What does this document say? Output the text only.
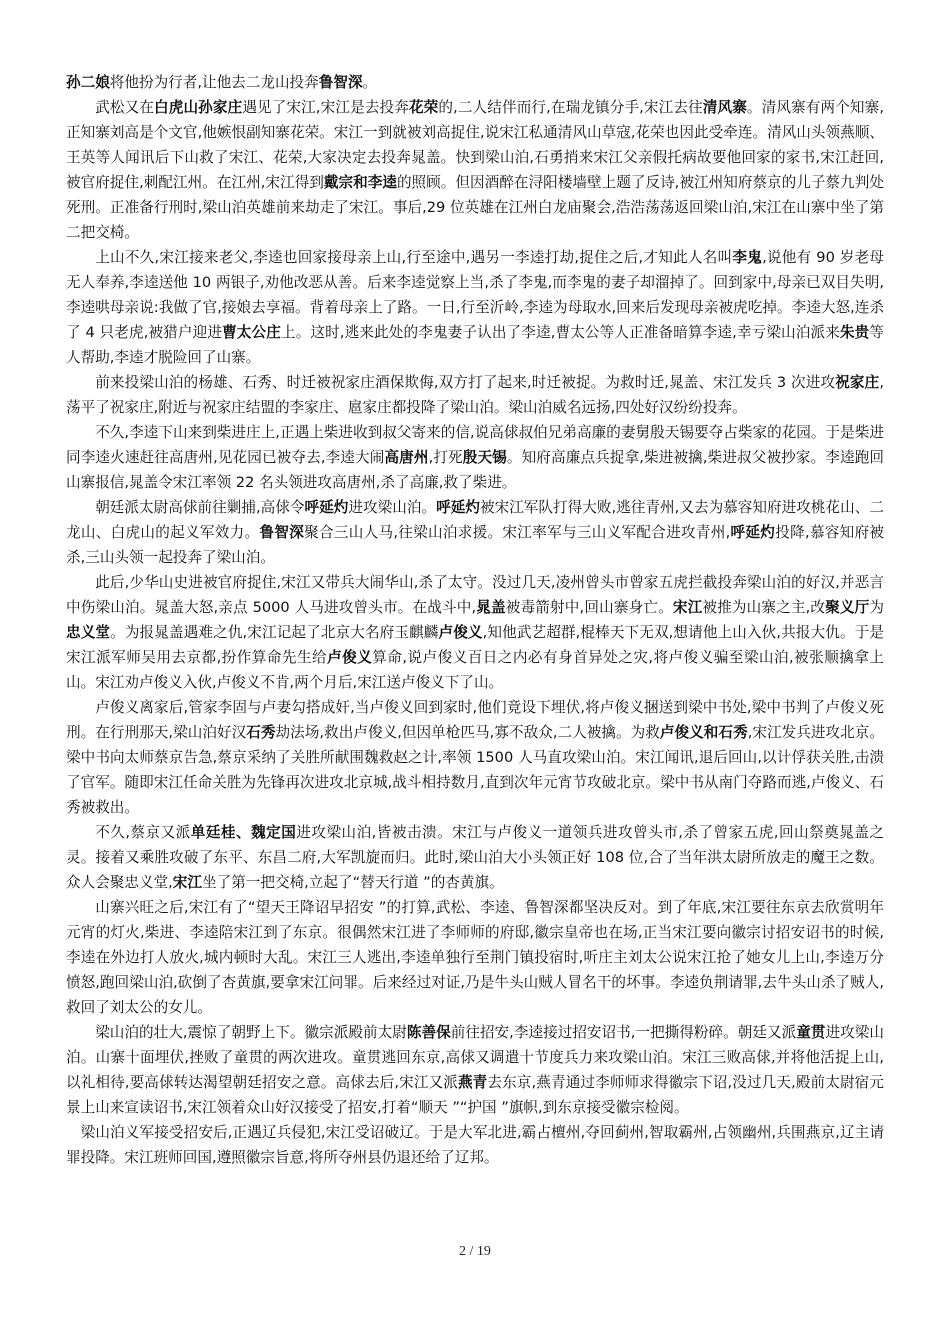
孙二娘将他扮为行者,让他去二龙山投奔鲁智深。

武松又在白虎山孙家庄遇见了宋江,宋江是去投奔花荣的,二人结伴而行,在瑞龙镇分手,宋江去往清风寨。清风寨有两个知寨,正知寨刘高是个文官,他嫉恨副知寨花荣。宋江一到就被刘高捉住,说宋江私通清风山草寇,花荣也因此受牵连。清风山头领燕顺、王英等人闻讯后下山救了宋江、花荣,大家决定去投奔晁盖。快到梁山泊,石勇捎来宋江父亲假托病故要他回家的家书,宋江赶回,被官府捉住,刺配江州。在江州,宋江得到戴宗和李逵的照顾。但因酒醉在浔阳楼墙壁上题了反诗,被江州知府蔡京的儿子蔡九判处死刑。正准备行刑时,梁山泊英雄前来劫走了宋江。事后,29 位英雄在江州白龙庙聚会,浩浩荡荡返回梁山泊,宋江在山寨中坐了第二把交椅。

上山不久,宋江接来老父,李逵也回家接母亲上山,行至途中,遇另一李逵打劫,捉住之后,才知此人名叫李鬼,说他有 90 岁老母无人奉养,李逵送他 10 两银子,劝他改恶从善。后来李逵觉察上当,杀了李鬼,而李鬼的妻子却溜掉了。回到家中,母亲已双目失明,李逵哄母亲说:我做了官,接娘去享福。背着母亲上了路。一日,行至沂岭,李逵为母取水,回来后发现母亲被虎吃掉。李逵大怒,连杀了 4 只老虎,被猎户迎进曹太公庄上。这时,逃来此处的李鬼妻子认出了李逵,曹太公等人正准备暗算李逵,幸亏梁山泊派来朱贵等人帮助,李逵才脱险回了山寨。

前来投梁山泊的杨雄、石秀、时迁被祝家庄酒保欺侮,双方打了起来,时迁被捉。为救时迁,晁盖、宋江发兵 3 次进攻祝家庄,荡平了祝家庄,附近与祝家庄结盟的李家庄、扈家庄都投降了梁山泊。梁山泊威名远扬,四处好汉纷纷投奔。

不久,李逵下山来到柴进庄上,正遇上柴进收到叔父寄来的信,说高俅叔伯兄弟高廉的妻舅殷天锡要夺占柴家的花园。于是柴进同李逵火速赶往高唐州,见花园已被夺去,李逵大闹高唐州,打死殷天锡。知府高廉点兵捉拿,柴进被擒,柴进叔父被抄家。李逵跑回山寨报信,晁盖令宋江率领 22 名头领进攻高唐州,杀了高廉,救了柴进。

朝廷派太尉高俅前往剿捕,高俅令呼延灼进攻梁山泊。呼延灼被宋江军队打得大败,逃往青州,又去为慕容知府进攻桃花山、二龙山、白虎山的起义军效力。鲁智深聚合三山人马,往梁山泊求援。宋江率军与三山义军配合进攻青州,呼延灼投降,慕容知府被杀,三山头领一起投奔了梁山泊。

此后,少华山史进被官府捉住,宋江又带兵大闹华山,杀了太守。没过几天,凌州曾头市曾家五虎拦截投奔梁山泊的好汉,并恶言中伤梁山泊。晁盖大怒,亲点 5000 人马进攻曾头市。在战斗中,晁盖被毒箭射中,回山寨身亡。宋江被推为山寨之主,改聚义厅为忠义堂。为报晁盖遇难之仇,宋江记起了北京大名府玉麒麟卢俊义,知他武艺超群,棍棒天下无双,想请他上山入伙,共报大仇。于是宋江派军师吴用去京都,扮作算命先生给卢俊义算命,说卢俊义百日之内必有身首异处之灾,将卢俊义骗至梁山泊,被张顺擒拿上山。宋江劝卢俊义入伙,卢俊义不肯,两个月后,宋江送卢俊义下了山。

卢俊义离家后,管家李固与卢妻勾搭成奸,当卢俊义回到家时,他们竟设下埋伏,将卢俊义捆送到梁中书处,梁中书判了卢俊义死刑。在行刑那天,梁山泊好汉石秀劫法场,救出卢俊义,但因单枪匹马,寡不敌众,二人被擒。为救卢俊义和石秀,宋江发兵进攻北京。梁中书向太师蔡京告急,蔡京采纳了关胜所献围魏救赵之计,率领 1500 人马直攻梁山泊。宋江闻讯,退后回山,以计俘获关胜,击溃了官军。随即宋江任命关胜为先锋再次进攻北京城,战斗相持数月,直到次年元宵节攻破北京。梁中书从南门夺路而逃,卢俊义、石秀被救出。

不久,蔡京又派单廷桂、魏定国进攻梁山泊,皆被击溃。宋江与卢俊义一道领兵进攻曾头市,杀了曾家五虎,回山祭奠晁盖之灵。接着又乘胜攻破了东平、东昌二府,大军凯旋而归。此时,梁山泊大小头领正好 108 位,合了当年洪太尉所放走的魔王之数。众人会聚忠义堂,宋江坐了第一把交椅,立起了“替天行道 ”的杏黄旗。

山寨兴旺之后,宋江有了“望天王降诏早招安 ”的打算,武松、李逵、鲁智深都坚决反对。到了年底,宋江要往东京去欣赏明年元宵的灯火,柴进、李逵陪宋江到了东京。很偶然宋江进了李师师的府邸,徽宗皇帝也在场,正当宋江要向徽宗讨招安诏书的时候,李逵在外边打人放火,城内顿时大乱。宋江三人逃出,李逵单独行至荆门镇投宿时,听庄主刘太公说宋江抢了她女儿上山,李逵万分愤怒,跑回梁山泊,砍倒了杏黄旗,要拿宋江问罪。后来经过对证,乃是牛头山贼人冒名干的坏事。李逵负荆请罪,去牛头山杀了贼人,救回了刘太公的女儿。

梁山泊的壮大,震惊了朝野上下。徽宗派殿前太尉陈善保前往招安,李逵接过招安诏书,一把撕得粉碎。朝廷又派童贯进攻梁山泊。山寨十面埋伏,挫败了童贯的两次进攻。童贯逃回东京,高俅又调遣十节度兵力来攻梁山泊。宋江三败高俅,并将他活捉上山,以礼相待,要高俅转达渴望朝廷招安之意。高俅去后,宋江又派燕青去东京,燕青通过李师师求得徽宗下诏,没过几天,殿前太尉宿元景上山来宣读诏书,宋江领着众山好汉接受了招安,打着“顺天 ”“护国 ”旗帜,到东京接受徽宗检阅。

梁山泊义军接受招安后,正遇辽兵侵犯,宋江受诏破辽。于是大军北进,霸占檀州,夺回蓟州,智取霸州,占领幽州,兵围燕京,辽主请罪投降。宋江班师回国,遵照徽宗旨意,将所夺州县仍退还给了辽邦。

2 / 19
